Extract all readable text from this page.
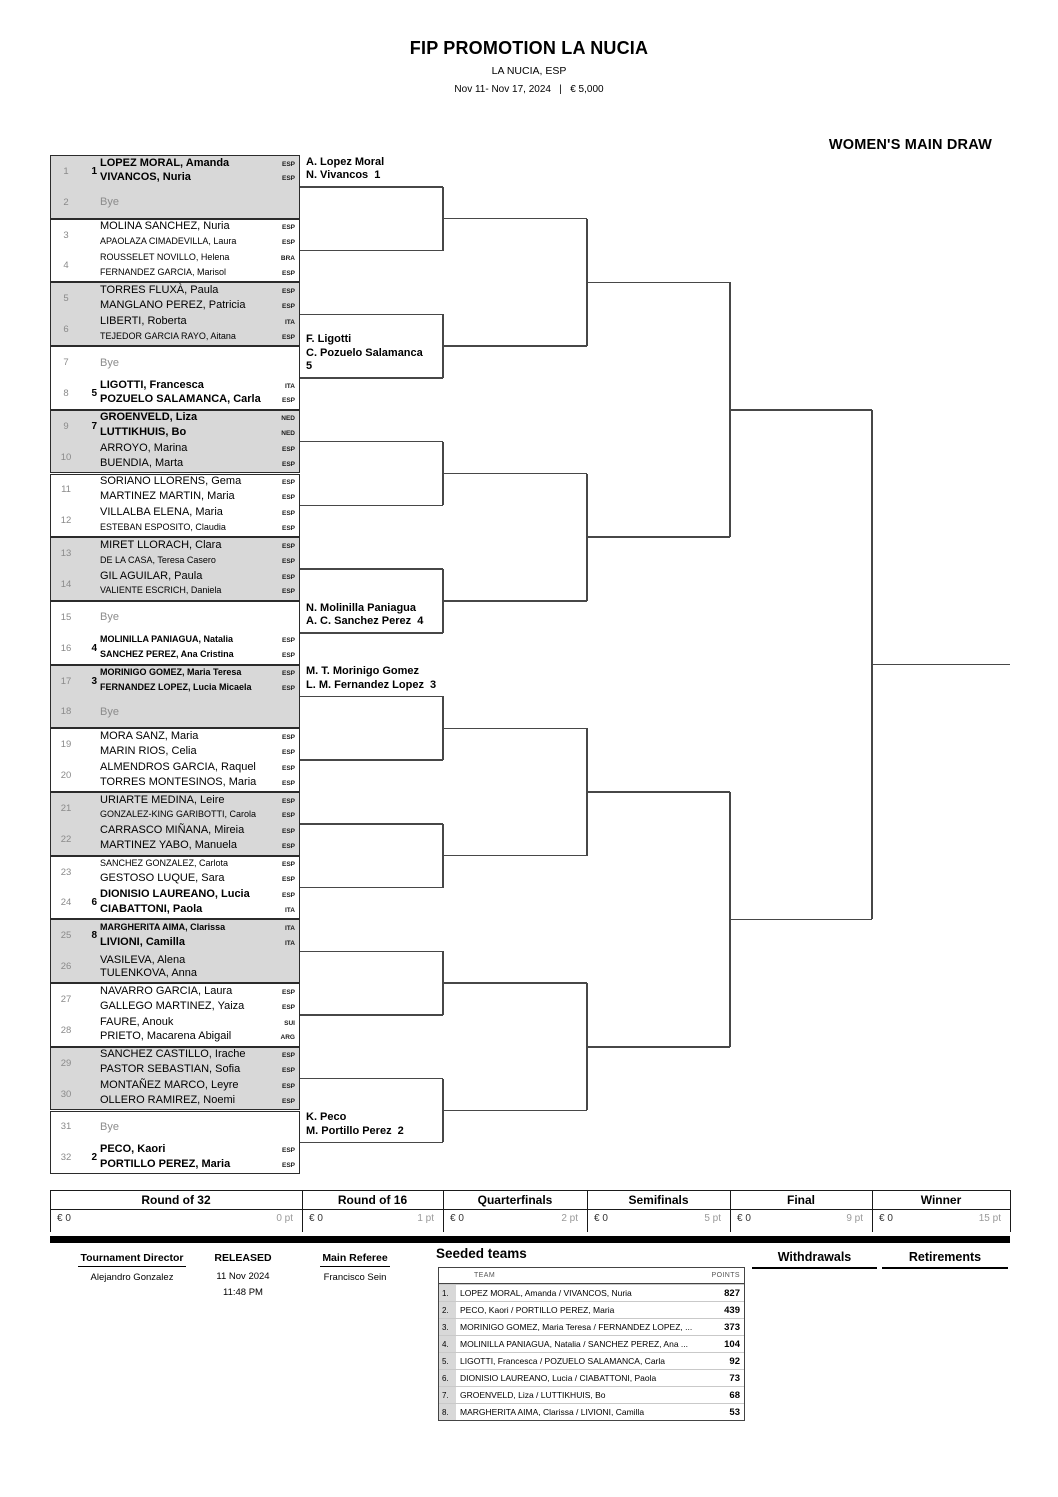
FIP PROMOTION LA NUCIA
LA NUCIA, ESP
Nov 11- Nov 17, 2024   |   € 5,000
WOMEN'S MAIN DRAW
Tournament Director
Alejandro Gonzalez
RELEASED
11 Nov 2024
11:48 PM
Main Referee
Francisco Sein
Seeded teams
TEAM	POINTS
1.	LOPEZ MORAL, Amanda / VIVANCOS, Nuria	827
2.	PECO, Kaori / PORTILLO PEREZ, Maria	439
3.	MORINIGO GOMEZ, Maria Teresa / FERNANDEZ LOPEZ, ...	373
4.	MOLINILLA PANIAGUA, Natalia / SANCHEZ PEREZ, Ana ...	104
5.	LIGOTTI, Francesca / POZUELO SALAMANCA, Carla	92
6.	DIONISIO LAUREANO, Lucia / CIABATTONI, Paola	73
7.	GROENVELD, Liza / LUTTIKHUIS, Bo	68
8.	MARGHERITA AIMA, Clarissa / LIVIONI, Camilla	53
Withdrawals	Retirements
1	1
LOPEZ MORAL, Amanda	ESP
VIVANCOS, Nuria	ESP
2	Bye
3
MOLINA SANCHEZ, Nuria	ESP
APAOLAZA CIMADEVILLA, Laura	ESP
4
ROUSSELET NOVILLO, Helena	BRA
FERNANDEZ GARCIA, Marisol	ESP
5
TORRES FLUXÀ, Paula	ESP
MANGLANO PEREZ, Patricia	ESP
6
LIBERTI, Roberta	ITA
TEJEDOR GARCIA RAYO, Aitana	ESP
7	Bye
8	5
LIGOTTI, Francesca	ITA
POZUELO SALAMANCA, Carla	ESP
9	7
GROENVELD, Liza	NED
LUTTIKHUIS, Bo	NED
10
ARROYO, Marina	ESP
BUENDIA, Marta	ESP
11
SORIANO LLORENS, Gema	ESP
MARTINEZ MARTIN, Maria	ESP
12
VILLALBA ELENA, Maria	ESP
ESTEBAN ESPOSITO, Claudia	ESP
13
MIRET LLORACH, Clara	ESP
DE LA CASA, Teresa Casero	ESP
14
GIL AGUILAR, Paula	ESP
VALIENTE ESCRICH, Daniela	ESP
15	Bye
16	4
MOLINILLA PANIAGUA, Natalia	ESP
SANCHEZ PEREZ, Ana Cristina	ESP
17	3
MORINIGO GOMEZ, Maria Teresa	ESP
FERNANDEZ LOPEZ, Lucia Micaela	ESP
18	Bye
19
MORA SANZ, Maria	ESP
MARIN RIOS, Celia	ESP
20
ALMENDROS GARCIA, Raquel	ESP
TORRES MONTESINOS, Maria	ESP
21
URIARTE MEDINA, Leire	ESP
GONZALEZ-KING GARIBOTTI, Carola	ESP
22
CARRASCO MIÑANA, Mireia	ESP
MARTINEZ YABO, Manuela	ESP
23
SANCHEZ GONZALEZ, Carlota	ESP
GESTOSO LUQUE, Sara	ESP
24	6
DIONISIO LAUREANO, Lucia	ESP
CIABATTONI, Paola	ITA
25	8
MARGHERITA AIMA, Clarissa	ITA
LIVIONI, Camilla	ITA
26
VASILEVA, Alena
TULENKOVA, Anna
27
NAVARRO GARCIA, Laura	ESP
GALLEGO MARTINEZ, Yaiza	ESP
28
FAURE, Anouk	SUI
PRIETO, Macarena Abigail	ARG
29
SANCHEZ CASTILLO, Irache	ESP
PASTOR SEBASTIAN, Sofia	ESP
30
MONTAÑEZ MARCO, Leyre	ESP
OLLERO RAMIREZ, Noemi	ESP
31	Bye
32	2
PECO, Kaori	ESP
PORTILLO PEREZ, Maria	ESP
A. Lopez Moral
N. Vivancos  1
F. Ligotti
C. Pozuelo Salamanca
5
N. Molinilla Paniagua
A. C. Sanchez Perez  4
M. T. Morinigo Gomez
L. M. Fernandez Lopez  3
K. Peco
M. Portillo Perez  2
Round of 32
€ 0	0 pt
Round of 16
€ 0	1 pt
Quarterfinals
€ 0	2 pt
Semifinals
€ 0	5 pt
Final
€ 0	9 pt
Winner
€ 0	15 pt
